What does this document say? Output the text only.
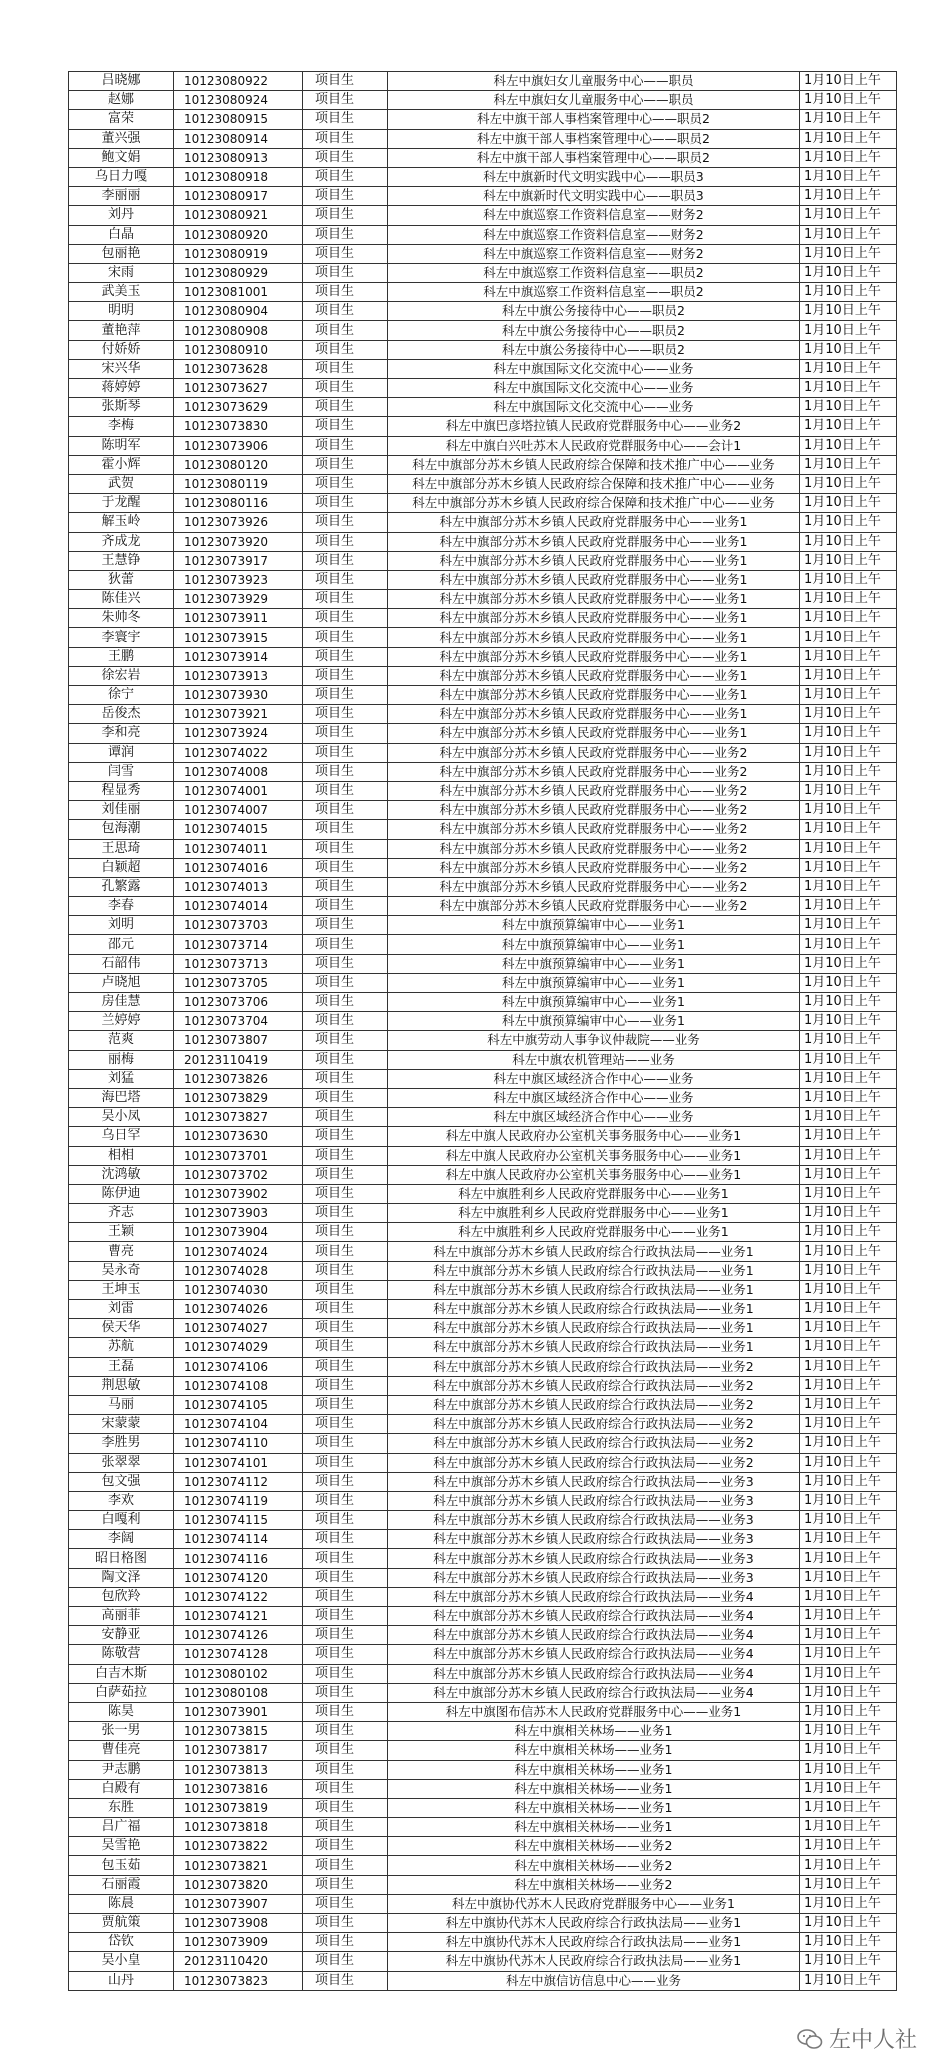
吕晓娜	10123080922	项目生	科左中旗妇女儿童服务中心——职员	1月10日上午
赵娜	10123080924	项目生	科左中旗妇女儿童服务中心——职员	1月10日上午
富荣	10123080915	项目生	科左中旗干部人事档案管理中心——职员2	1月10日上午
董兴强	10123080914	项目生	科左中旗干部人事档案管理中心——职员2	1月10日上午
鲍文娟	10123080913	项目生	科左中旗干部人事档案管理中心——职员2	1月10日上午
乌日力嘎	10123080918	项目生	科左中旗新时代文明实践中心——职员3	1月10日上午
李丽丽	10123080917	项目生	科左中旗新时代文明实践中心——职员3	1月10日上午
刘丹	10123080921	项目生	科左中旗巡察工作资料信息室——财务2	1月10日上午
白晶	10123080920	项目生	科左中旗巡察工作资料信息室——财务2	1月10日上午
包丽艳	10123080919	项目生	科左中旗巡察工作资料信息室——财务2	1月10日上午
宋雨	10123080929	项目生	科左中旗巡察工作资料信息室——职员2	1月10日上午
武美玉	10123081001	项目生	科左中旗巡察工作资料信息室——职员2	1月10日上午
明明	10123080904	项目生	科左中旗公务接待中心——职员2	1月10日上午
董艳萍	10123080908	项目生	科左中旗公务接待中心——职员2	1月10日上午
付娇娇	10123080910	项目生	科左中旗公务接待中心——职员2	1月10日上午
宋兴华	10123073628	项目生	科左中旗国际文化交流中心——业务	1月10日上午
蒋婷婷	10123073627	项目生	科左中旗国际文化交流中心——业务	1月10日上午
张斯琴	10123073629	项目生	科左中旗国际文化交流中心——业务	1月10日上午
李梅	10123073830	项目生	科左中旗巴彦塔拉镇人民政府党群服务中心——业务2	1月10日上午
陈明军	10123073906	项目生	科左中旗白兴吐苏木人民政府党群服务中心——会计1	1月10日上午
霍小辉	10123080120	项目生	科左中旗部分苏木乡镇人民政府综合保障和技术推广中心——业务	1月10日上午
武贺	10123080119	项目生	科左中旗部分苏木乡镇人民政府综合保障和技术推广中心——业务	1月10日上午
于龙醒	10123080116	项目生	科左中旗部分苏木乡镇人民政府综合保障和技术推广中心——业务	1月10日上午
解玉岭	10123073926	项目生	科左中旗部分苏木乡镇人民政府党群服务中心——业务1	1月10日上午
齐成龙	10123073920	项目生	科左中旗部分苏木乡镇人民政府党群服务中心——业务1	1月10日上午
王慧铮	10123073917	项目生	科左中旗部分苏木乡镇人民政府党群服务中心——业务1	1月10日上午
狄蕾	10123073923	项目生	科左中旗部分苏木乡镇人民政府党群服务中心——业务1	1月10日上午
陈佳兴	10123073929	项目生	科左中旗部分苏木乡镇人民政府党群服务中心——业务1	1月10日上午
朱帅冬	10123073911	项目生	科左中旗部分苏木乡镇人民政府党群服务中心——业务1	1月10日上午
李寰宇	10123073915	项目生	科左中旗部分苏木乡镇人民政府党群服务中心——业务1	1月10日上午
王鹏	10123073914	项目生	科左中旗部分苏木乡镇人民政府党群服务中心——业务1	1月10日上午
徐宏岩	10123073913	项目生	科左中旗部分苏木乡镇人民政府党群服务中心——业务1	1月10日上午
徐宁	10123073930	项目生	科左中旗部分苏木乡镇人民政府党群服务中心——业务1	1月10日上午
岳俊杰	10123073921	项目生	科左中旗部分苏木乡镇人民政府党群服务中心——业务1	1月10日上午
李和亮	10123073924	项目生	科左中旗部分苏木乡镇人民政府党群服务中心——业务1	1月10日上午
谭润	10123074022	项目生	科左中旗部分苏木乡镇人民政府党群服务中心——业务2	1月10日上午
闫雪	10123074008	项目生	科左中旗部分苏木乡镇人民政府党群服务中心——业务2	1月10日上午
程显秀	10123074001	项目生	科左中旗部分苏木乡镇人民政府党群服务中心——业务2	1月10日上午
刘佳丽	10123074007	项目生	科左中旗部分苏木乡镇人民政府党群服务中心——业务2	1月10日上午
包海潮	10123074015	项目生	科左中旗部分苏木乡镇人民政府党群服务中心——业务2	1月10日上午
王思琦	10123074011	项目生	科左中旗部分苏木乡镇人民政府党群服务中心——业务2	1月10日上午
白颖超	10123074016	项目生	科左中旗部分苏木乡镇人民政府党群服务中心——业务2	1月10日上午
孔繁露	10123074013	项目生	科左中旗部分苏木乡镇人民政府党群服务中心——业务2	1月10日上午
李春	10123074014	项目生	科左中旗部分苏木乡镇人民政府党群服务中心——业务2	1月10日上午
刘明	10123073703	项目生	科左中旗预算编审中心——业务1	1月10日上午
邵元	10123073714	项目生	科左中旗预算编审中心——业务1	1月10日上午
石韶伟	10123073713	项目生	科左中旗预算编审中心——业务1	1月10日上午
卢晓旭	10123073705	项目生	科左中旗预算编审中心——业务1	1月10日上午
房佳慧	10123073706	项目生	科左中旗预算编审中心——业务1	1月10日上午
兰婷婷	10123073704	项目生	科左中旗预算编审中心——业务1	1月10日上午
范爽	10123073807	项目生	科左中旗劳动人事争议仲裁院——业务	1月10日上午
丽梅	20123110419	项目生	科左中旗农机管理站——业务	1月10日上午
刘猛	10123073826	项目生	科左中旗区域经济合作中心——业务	1月10日上午
海巴塔	10123073829	项目生	科左中旗区域经济合作中心——业务	1月10日上午
吴小凤	10123073827	项目生	科左中旗区域经济合作中心——业务	1月10日上午
乌日罕	10123073630	项目生	科左中旗人民政府办公室机关事务服务中心——业务1	1月10日上午
相相	10123073701	项目生	科左中旗人民政府办公室机关事务服务中心——业务1	1月10日上午
沈鸿敏	10123073702	项目生	科左中旗人民政府办公室机关事务服务中心——业务1	1月10日上午
陈伊迪	10123073902	项目生	科左中旗胜利乡人民政府党群服务中心——业务1	1月10日上午
齐志	10123073903	项目生	科左中旗胜利乡人民政府党群服务中心——业务1	1月10日上午
王颖	10123073904	项目生	科左中旗胜利乡人民政府党群服务中心——业务1	1月10日上午
曹亮	10123074024	项目生	科左中旗部分苏木乡镇人民政府综合行政执法局——业务1	1月10日上午
吴永奇	10123074028	项目生	科左中旗部分苏木乡镇人民政府综合行政执法局——业务1	1月10日上午
王坤玉	10123074030	项目生	科左中旗部分苏木乡镇人民政府综合行政执法局——业务1	1月10日上午
刘雷	10123074026	项目生	科左中旗部分苏木乡镇人民政府综合行政执法局——业务1	1月10日上午
侯天华	10123074027	项目生	科左中旗部分苏木乡镇人民政府综合行政执法局——业务1	1月10日上午
苏航	10123074029	项目生	科左中旗部分苏木乡镇人民政府综合行政执法局——业务1	1月10日上午
王磊	10123074106	项目生	科左中旗部分苏木乡镇人民政府综合行政执法局——业务2	1月10日上午
荆思敏	10123074108	项目生	科左中旗部分苏木乡镇人民政府综合行政执法局——业务2	1月10日上午
马丽	10123074105	项目生	科左中旗部分苏木乡镇人民政府综合行政执法局——业务2	1月10日上午
宋蒙蒙	10123074104	项目生	科左中旗部分苏木乡镇人民政府综合行政执法局——业务2	1月10日上午
李胜男	10123074110	项目生	科左中旗部分苏木乡镇人民政府综合行政执法局——业务2	1月10日上午
张翠翠	10123074101	项目生	科左中旗部分苏木乡镇人民政府综合行政执法局——业务2	1月10日上午
包文强	10123074112	项目生	科左中旗部分苏木乡镇人民政府综合行政执法局——业务3	1月10日上午
李欢	10123074119	项目生	科左中旗部分苏木乡镇人民政府综合行政执法局——业务3	1月10日上午
白嘎利	10123074115	项目生	科左中旗部分苏木乡镇人民政府综合行政执法局——业务3	1月10日上午
李阔	10123074114	项目生	科左中旗部分苏木乡镇人民政府综合行政执法局——业务3	1月10日上午
昭日格图	10123074116	项目生	科左中旗部分苏木乡镇人民政府综合行政执法局——业务3	1月10日上午
陶文泽	10123074120	项目生	科左中旗部分苏木乡镇人民政府综合行政执法局——业务3	1月10日上午
包欣羚	10123074122	项目生	科左中旗部分苏木乡镇人民政府综合行政执法局——业务4	1月10日上午
高丽菲	10123074121	项目生	科左中旗部分苏木乡镇人民政府综合行政执法局——业务4	1月10日上午
安静亚	10123074126	项目生	科左中旗部分苏木乡镇人民政府综合行政执法局——业务4	1月10日上午
陈敬营	10123074128	项目生	科左中旗部分苏木乡镇人民政府综合行政执法局——业务4	1月10日上午
白吉木斯	10123080102	项目生	科左中旗部分苏木乡镇人民政府综合行政执法局——业务4	1月10日上午
白萨茹拉	10123080108	项目生	科左中旗部分苏木乡镇人民政府综合行政执法局——业务4	1月10日上午
陈昊	10123073901	项目生	科左中旗图布信苏木人民政府党群服务中心——业务1	1月10日上午
张一男	10123073815	项目生	科左中旗相关林场——业务1	1月10日上午
曹佳亮	10123073817	项目生	科左中旗相关林场——业务1	1月10日上午
尹志鹏	10123073813	项目生	科左中旗相关林场——业务1	1月10日上午
白殿有	10123073816	项目生	科左中旗相关林场——业务1	1月10日上午
东胜	10123073819	项目生	科左中旗相关林场——业务1	1月10日上午
吕广福	10123073818	项目生	科左中旗相关林场——业务1	1月10日上午
吴雪艳	10123073822	项目生	科左中旗相关林场——业务2	1月10日上午
包玉茹	10123073821	项目生	科左中旗相关林场——业务2	1月10日上午
石丽霞	10123073820	项目生	科左中旗相关林场——业务2	1月10日上午
陈晨	10123073907	项目生	科左中旗协代苏木人民政府党群服务中心——业务1	1月10日上午
贾航策	10123073908	项目生	科左中旗协代苏木人民政府综合行政执法局——业务1	1月10日上午
岱钦	10123073909	项目生	科左中旗协代苏木人民政府综合行政执法局——业务1	1月10日上午
吴小皇	20123110420	项目生	科左中旗协代苏木人民政府综合行政执法局——业务1	1月10日上午
山丹	10123073823	项目生	科左中旗信访信息中心——业务	1月10日上午
左中人社
